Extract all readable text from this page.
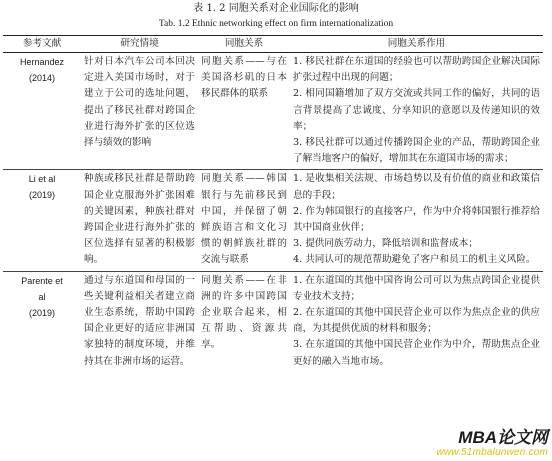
表 1. 2 同胞关系对企业国际化的影响
Tab. 1.2 Ethnic networking effect on firm internationalization
参考文献	研究情境	同胞关系	同胞关系作用

Hernandez
(2014)	针对日本汽车公司本回决定进入美国市场时，对于建立于公司的选址问题，提出了移民社群对跨国企业进行海外扩张的区位选择与绩效的影响	同胞关系——与在美国洛杉矶的日本移民群体的联系	1. 移民社群在东道国的经验也可以帮助跨国企业解决国际扩张过程中出现的问题；
2. 相同国籍增加了双方交流或共同工作的偏好，共同的语言背景提高了忠诚度、分享知识的意愿以及传递知识的效率；
3. 移民社群可以通过传播跨国企业的产品，帮助跨国企业了解当地客户的偏好，增加其在东道国市场的需求；

Li et al
(2019)	种族或移民社群是帮助跨国企业克服海外扩张困难的关键因素，种族社群对跨国企业进行海外扩张的区位选择有显著的积极影响。	同胞关系——韩国银行与先前移民到中国，并保留了朝鲜族语言和文化习惯的朝鲜族社群的交流与联系	1. 是收集相关法规、市场趋势以及有价值的商业和政策信息的手段；
2. 作为韩国银行的直接客户，作为中介将韩国银行推荐给其中国商业伙伴；
3. 提供同族劳动力，降低培训和监督成本；
4. 共同认可的规范帮助避免了客户和员工的机主义风险。

Parente et
al
(2019)	通过与东道国和母国的一些关键利益相关者建立商业生态系统，帮助中国跨国企业更好的适应非洲国家独特的制度环境，并维持其在非洲市场的运营。	同胞关系——在非洲的许多中国跨国企业联合起来，相互帮助、资源共享。	1. 在东道国的其他中国咨询公司可以为焦点跨国企业提供专业技术支持；
2. 在东道国的其他中国民营企业可以作为焦点企业的供应商，为其提供优质的材料和服务；
3. 在东道国的其他中国民营企业作为中介，帮助焦点企业更好的融入当地市场。
MBA论文网
www.51mbalunwen.com
